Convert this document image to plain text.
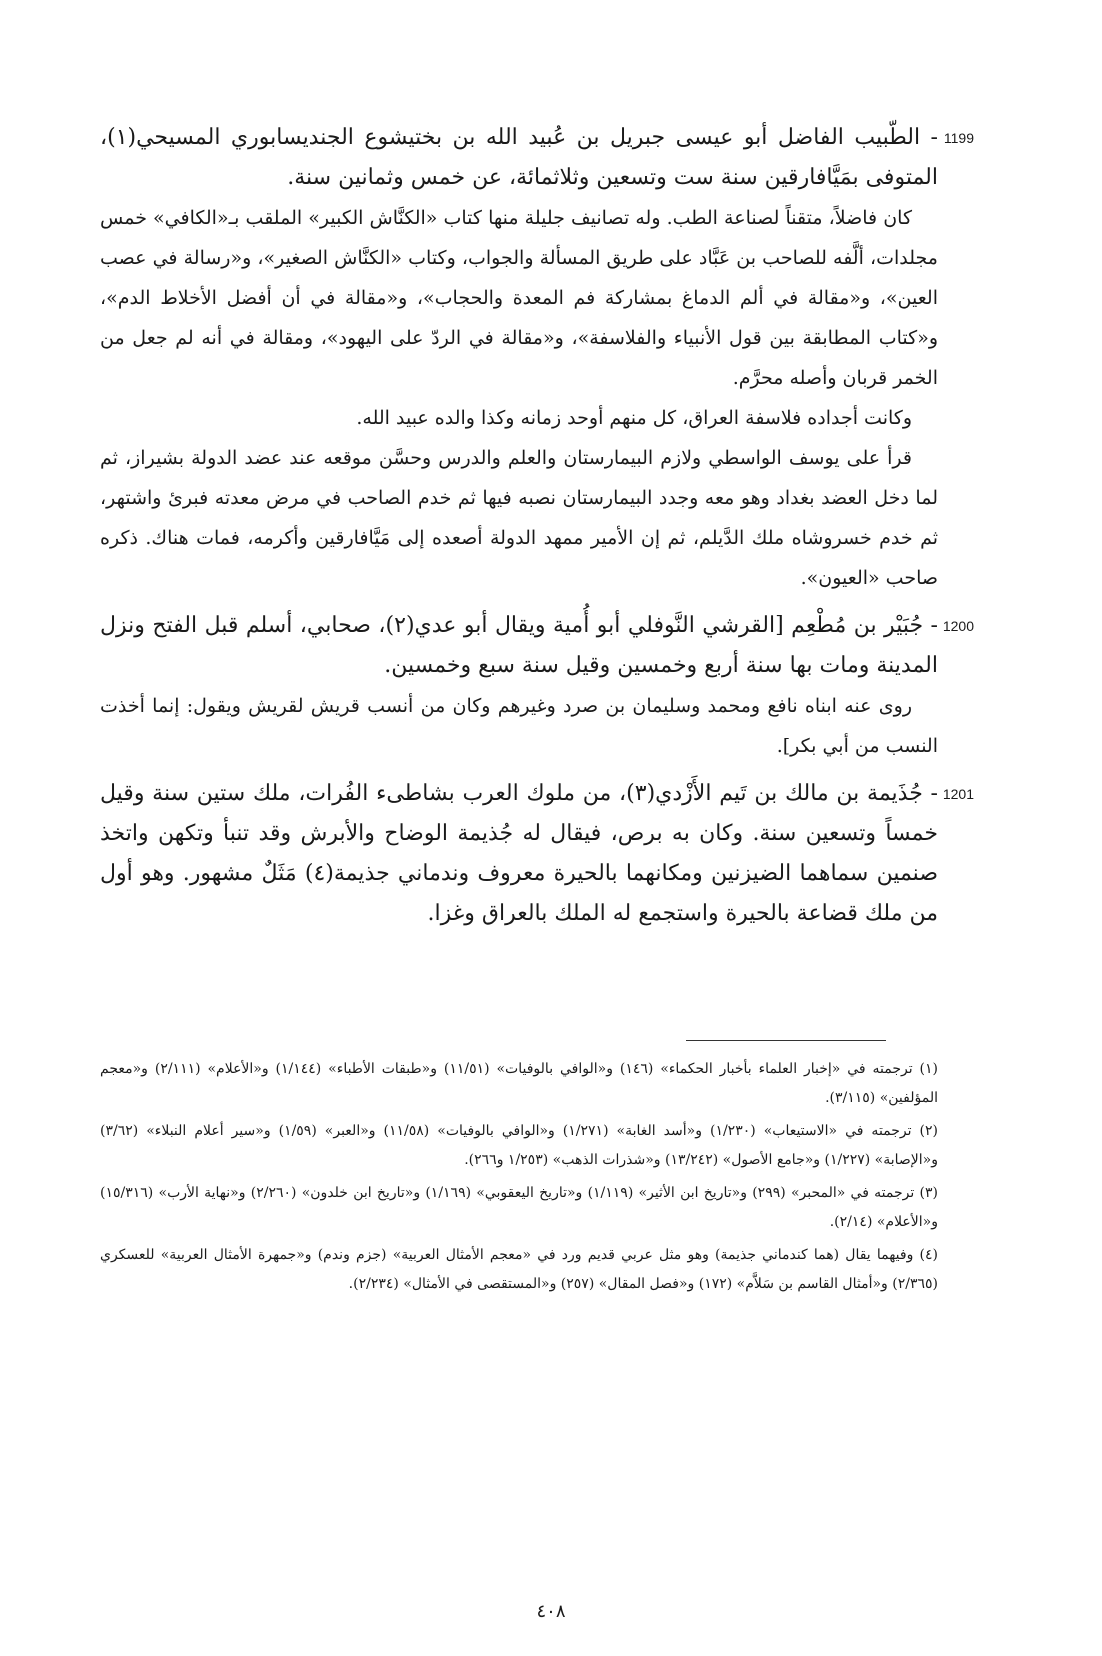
1199
- الطّبيب الفاضل أبو عيسى جبريل بن عُبيد الله بن بختيشوع الجنديسابوري المسيحي(١)، المتوفى بمَيَّافارقين سنة ست وتسعين وثلاثمائة، عن خمس وثمانين سنة.

كان فاضلاً، متقناً لصناعة الطب. وله تصانيف جليلة منها كتاب «الكنَّاش الكبير» الملقب بـ«الكافي» خمس مجلدات، ألَّفه للصاحب بن عَبَّاد على طريق المسألة والجواب، وكتاب «الكنَّاش الصغير»، و«رسالة في عصب العين»، و«مقالة في ألم الدماغ بمشاركة فم المعدة والحجاب»، و«مقالة في أن أفضل الأخلاط الدم»، و«كتاب المطابقة بين قول الأنبياء والفلاسفة»، و«مقالة في الردّ على اليهود»، ومقالة في أنه لم جعل من الخمر قربان وأصله محرَّم.

وكانت أجداده فلاسفة العراق، كل منهم أوحد زمانه وكذا والده عبيد الله.

قرأ على يوسف الواسطي ولازم البيمارستان والعلم والدرس وحسَّن موقعه عند عضد الدولة بشيراز، ثم لما دخل العضد بغداد وهو معه وجدد البيمارستان نصبه فيها ثم خدم الصاحب في مرض معدته فبرئ واشتهر، ثم خدم خسروشاه ملك الدَّيلم، ثم إن الأمير ممهد الدولة أصعده إلى مَيَّافارقين وأكرمه، فمات هناك. ذكره صاحب «العيون».

1200
- جُبَيْر بن مُطْعِم [القرشي النَّوفلي أبو أُمية ويقال أبو عدي(٢)، صحابي، أسلم قبل الفتح ونزل المدينة ومات بها سنة أربع وخمسين وقيل سنة سبع وخمسين.

روى عنه ابناه نافع ومحمد وسليمان بن صرد وغيرهم وكان من أنسب قريش لقريش ويقول: إنما أخذت النسب من أبي بكر].

1201
- جُذَيمة بن مالك بن تَيم الأَزْدي(٣)، من ملوك العرب بشاطىء الفُرات، ملك ستين سنة وقيل خمساً وتسعين سنة. وكان به برص، فيقال له جُذيمة الوضاح والأبرش وقد تنبأ وتكهن واتخذ صنمين سماهما الضيزنين ومكانهما بالحيرة معروف وندماني جذيمة(٤) مَثَلٌ مشهور. وهو أول من ملك قضاعة بالحيرة واستجمع له الملك بالعراق وغزا.

(١) ترجمته في «إخبار العلماء بأخبار الحكماء» (١٤٦) و«الوافي بالوفيات» (١١/٥١) و«طبقات الأطباء» (١/١٤٤) و«الأعلام» (٢/١١١) و«معجم المؤلفين» (٣/١١٥).

(٢) ترجمته في «الاستيعاب» (١/٢٣٠) و«أسد الغابة» (١/٢٧١) و«الوافي بالوفيات» (١١/٥٨) و«العبر» (١/٥٩) و«سير أعلام النبلاء» (٣/٦٢) و«الإصابة» (١/٢٢٧) و«جامع الأصول» (١٣/٢٤٢) و«شذرات الذهب» (١/٢٥٣ و٢٦٦).

(٣) ترجمته في «المحبر» (٢٩٩) و«تاريخ ابن الأثير» (١/١١٩) و«تاريخ اليعقوبي» (١/١٦٩) و«تاريخ ابن خلدون» (٢/٢٦٠) و«نهاية الأرب» (١٥/٣١٦) و«الأعلام» (٢/١٤).

(٤) وفيهما يقال (هما كندماني جذيمة) وهو مثل عربي قديم ورد في «معجم الأمثال العربية» (جزم وندم) و«جمهرة الأمثال العربية» للعسكري (٢/٣٦٥) و«أمثال القاسم بن سَلاَّم» (١٧٢) و«فصل المقال» (٢٥٧) و«المستقصى في الأمثال» (٢/٢٣٤).

٤٠٨
